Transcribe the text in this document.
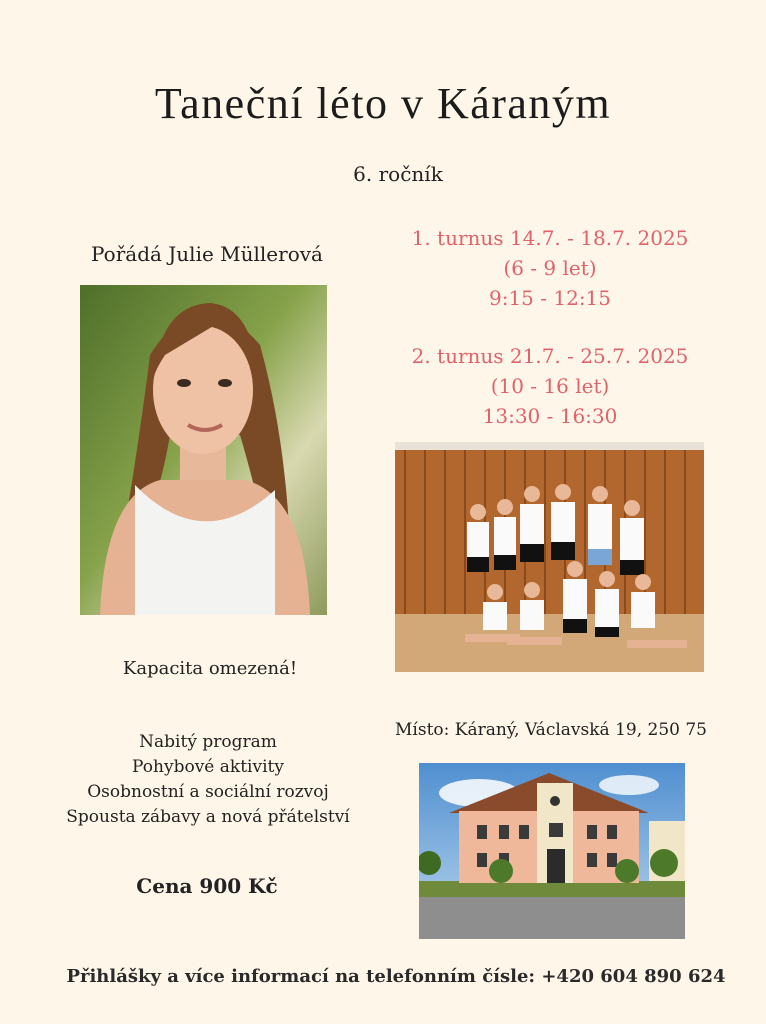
Taneční léto v Káraným
6. ročník
Pořádá Julie Müllerová
1. turnus 14.7. - 18.7. 2025
(6 - 9 let)
9:15 - 12:15
2. turnus 21.7. - 25.7. 2025
(10 - 16 let)
13:30 - 16:30
Kapacita omezená!
Nabitý program
Pohybové aktivity
Osobnostní a sociální rozvoj
Spousta zábavy a nová přátelství
Cena 900 Kč
Místo: Káraný, Václavská 19, 250 75
Přihlášky a více informací na telefonním čísle: +420 604 890 624
